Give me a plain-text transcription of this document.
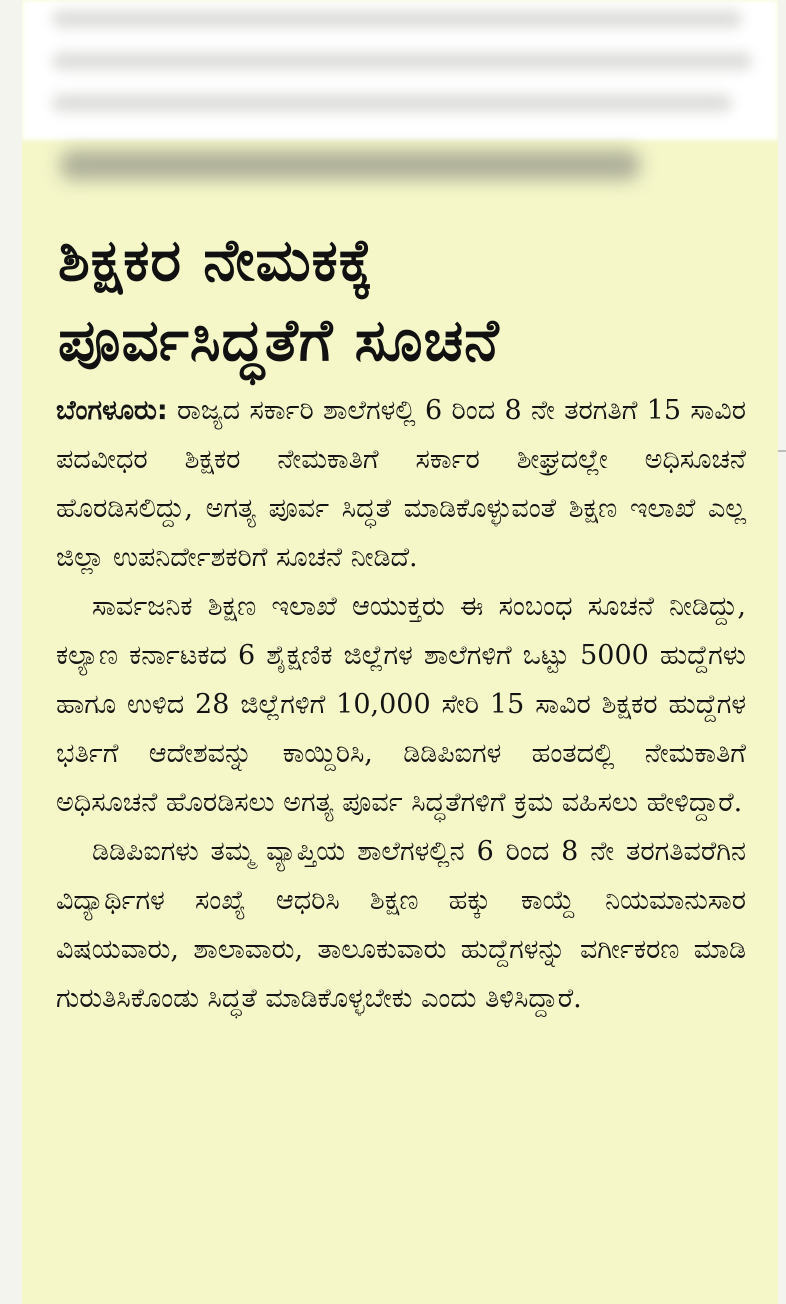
ಶಿಕ್ಷಕರ ನೇಮಕಕ್ಕೆ
ಪೂರ್ವಸಿದ್ಧತೆಗೆ ಸೂಚನೆ

ಬೆಂಗಳೂರು: ರಾಜ್ಯದ ಸರ್ಕಾರಿ ಶಾಲೆಗಳಲ್ಲಿ 6 ರಿಂದ 8 ನೇ ತರಗತಿಗೆ 15 ಸಾವಿರ ಪದವೀಧರ ಶಿಕ್ಷಕರ ನೇಮಕಾತಿಗೆ ಸರ್ಕಾರ ಶೀಘ್ರದಲ್ಲೇ ಅಧಿಸೂಚನೆ ಹೊರಡಿಸಲಿದ್ದು, ಅಗತ್ಯ ಪೂರ್ವ ಸಿದ್ಧತೆ ಮಾಡಿಕೊಳ್ಳುವಂತೆ ಶಿಕ್ಷಣ ಇಲಾಖೆ ಎಲ್ಲ ಜಿಲ್ಲಾ ಉಪನಿರ್ದೇಶಕರಿಗೆ ಸೂಚನೆ ನೀಡಿದೆ.

ಸಾರ್ವಜನಿಕ ಶಿಕ್ಷಣ ಇಲಾಖೆ ಆಯುಕ್ತರು ಈ ಸಂಬಂಧ ಸೂಚನೆ ನೀಡಿದ್ದು, ಕಲ್ಯಾಣ ಕರ್ನಾಟಕದ 6 ಶೈಕ್ಷಣಿಕ ಜಿಲ್ಲೆಗಳ ಶಾಲೆಗಳಿಗೆ ಒಟ್ಟು 5000 ಹುದ್ದೆಗಳು ಹಾಗೂ ಉಳಿದ 28 ಜಿಲ್ಲೆಗಳಿಗೆ 10,000 ಸೇರಿ 15 ಸಾವಿರ ಶಿಕ್ಷಕರ ಹುದ್ದೆಗಳ ಭರ್ತಿಗೆ ಆದೇಶವನ್ನು ಕಾಯ್ದಿರಿಸಿ, ಡಿಡಿಪಿಐಗಳ ಹಂತದಲ್ಲಿ ನೇಮಕಾತಿಗೆ ಅಧಿಸೂಚನೆ ಹೊರಡಿಸಲು ಅಗತ್ಯ ಪೂರ್ವ ಸಿದ್ಧತೆಗಳಿಗೆ ಕ್ರಮ ವಹಿಸಲು ಹೇಳಿದ್ದಾರೆ.

ಡಿಡಿಪಿಐಗಳು ತಮ್ಮ ವ್ಯಾಪ್ತಿಯ ಶಾಲೆಗಳಲ್ಲಿನ 6 ರಿಂದ 8 ನೇ ತರಗತಿವರೆಗಿನ ವಿದ್ಯಾರ್ಥಿಗಳ ಸಂಖ್ಯೆ ಆಧರಿಸಿ ಶಿಕ್ಷಣ ಹಕ್ಕು ಕಾಯ್ದೆ ನಿಯಮಾನುಸಾರ ವಿಷಯವಾರು, ಶಾಲಾವಾರು, ತಾಲೂಕುವಾರು ಹುದ್ದೆಗಳನ್ನು ವರ್ಗೀಕರಣ ಮಾಡಿ ಗುರುತಿಸಿಕೊಂಡು ಸಿದ್ಧತೆ ಮಾಡಿಕೊಳ್ಳಬೇಕು ಎಂದು ತಿಳಿಸಿದ್ದಾರೆ.
